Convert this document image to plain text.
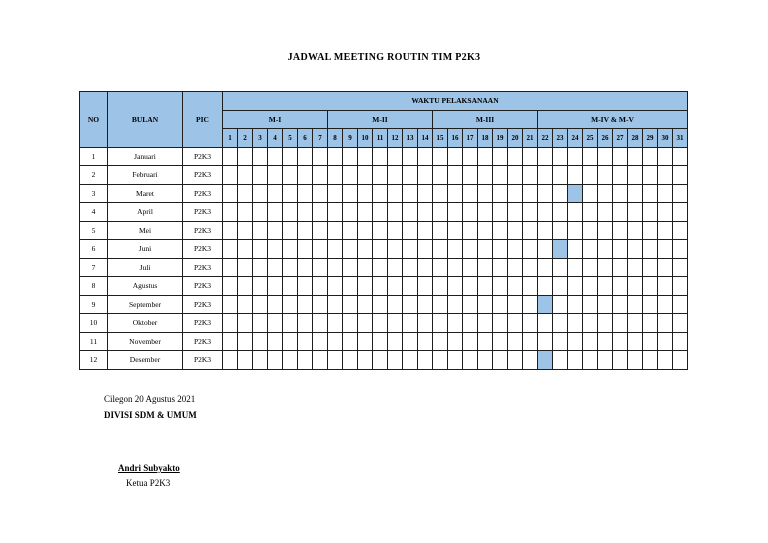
JADWAL MEETING ROUTIN TIM P2K3
NO	BULAN	PIC	WAKTU PELAKSANAAN																														
			M-I							M-II							M-III							M-IV & M-V									
			1	2	3	4	5	6	7	8	9	10	11	12	13	14	15	16	17	18	19	20	21	22	23	24	25	26	27	28	29	30	31
1	Januari	P2K3																															
2	Februari	P2K3																															
3	Maret	P2K3																															
4	April	P2K3																															
5	Mei	P2K3																															
6	Juni	P2K3																															
7	Juli	P2K3																															
8	Agustus	P2K3																															
9	September	P2K3																															
10	Oktober	P2K3																															
11	November	P2K3																															
12	Desember	P2K3																															
Cilegon 20 Agustus 2021
DIVISI SDM & UMUM
Andri Subyakto
Ketua P2K3
